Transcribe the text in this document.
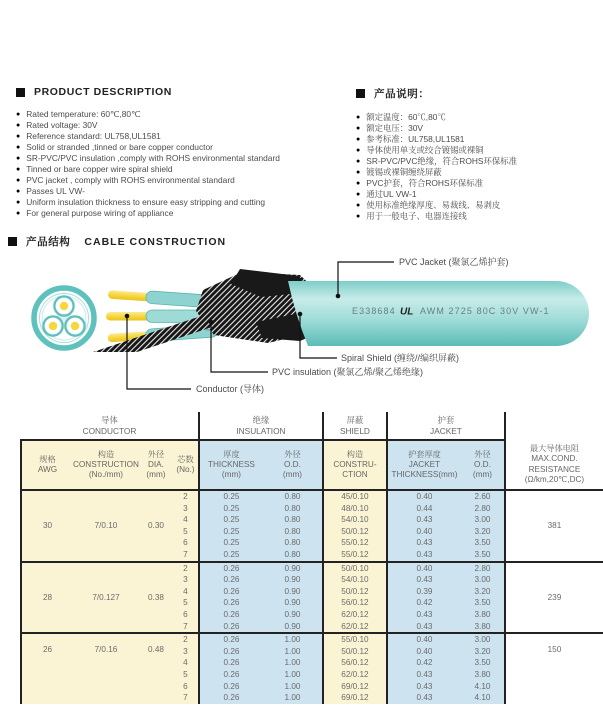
PRODUCT DESCRIPTION
● Rated temperature: 60℃,80℃
● Rated voltage: 30V
● Reference standard: UL758,UL1581
● Solid or stranded ,tinned or bare copper conductor
● SR-PVC/PVC insulation ,comply with ROHS environmental standard
● Tinned or bare copper wire spiral shield
● PVC jacket , comply with ROHS environmental standard
● Passes UL VW-
● Uniform insulation thickness to ensure easy stripping and cutting
● For general purpose wiring of appliance
产品说明：
● 额定温度：60℃,80℃
● 额定电压：30V
● 参考标准：UL758,UL1581
● 导体使用单支或绞合镀锡或裸铜
● SR-PVC/PVC绝缘，符合ROHS环保标准
● 镀锡或裸铜缠绕屏蔽
● PVC护套，符合ROHS环保标准
● 通过UL VW-1
● 使用标准绝缘厚度、易裁线、易剥皮
● 用于一般电子、电器连接线
产品结构 CABLE CONSTRUCTION
E338684 UL AWM 2725 80C 30V VW-1
PVC Jacket (聚氯乙烯护套)
Spiral Shield (缠绕//编织屏蔽)
PVC insulation (聚氯乙烯/聚乙烯绝缘)
Conductor (导体)
导体
CONDUCTOR

绝缘
INSULATION

屏蔽
SHIELD

护套
JACKET

规格
AWG

构造
CONSTRUCTION
(No./mm)

外径
DIA.
(mm)

芯数
(No.)

厚度
THICKNESS
(mm)

外径
O.D.
(mm)

构造
CONSTRU-
CTION

护套厚度
JACKET
THICKNESS(mm)

外径
O.D.
(mm)

最大导体电阻
MAX.COND.
RESISTANCE
(Ω/km,20℃,DC)

30	7/0.10	0.30	2	0.25	0.80	45/0.10	0.40	2.60	381
			3	0.25	0.80	48/0.10	0.44	2.80	
			4	0.25	0.80	54/0.10	0.43	3.00	
			5	0.25	0.80	50/0.12	0.40	3.20	
			6	0.25	0.80	55/0.12	0.43	3.50	
			7	0.25	0.80	55/0.12	0.43	3.50	
28	7/0.127	0.38	2	0.26	0.90	50/0.10	0.40	2.80	239
			3	0.26	0.90	54/0.10	0.43	3.00	
			4	0.26	0.90	50/0.12	0.39	3.20	
			5	0.26	0.90	56/0.12	0.42	3.50	
			6	0.26	0.90	62/0.12	0.43	3.80	
			7	0.26	0.90	62/0.12	0.43	3.80	
26	7/0.16	0.48	2	0.26	1.00	55/0.10	0.40	3.00	150
			3	0.26	1.00	50/0.12	0.40	3.20	
			4	0.26	1.00	56/0.12	0.42	3.50	
			5	0.26	1.00	62/0.12	0.43	3.80	
			6	0.26	1.00	69/0.12	0.43	4.10	
			7	0.26	1.00	69/0.12	0.43	4.10	
